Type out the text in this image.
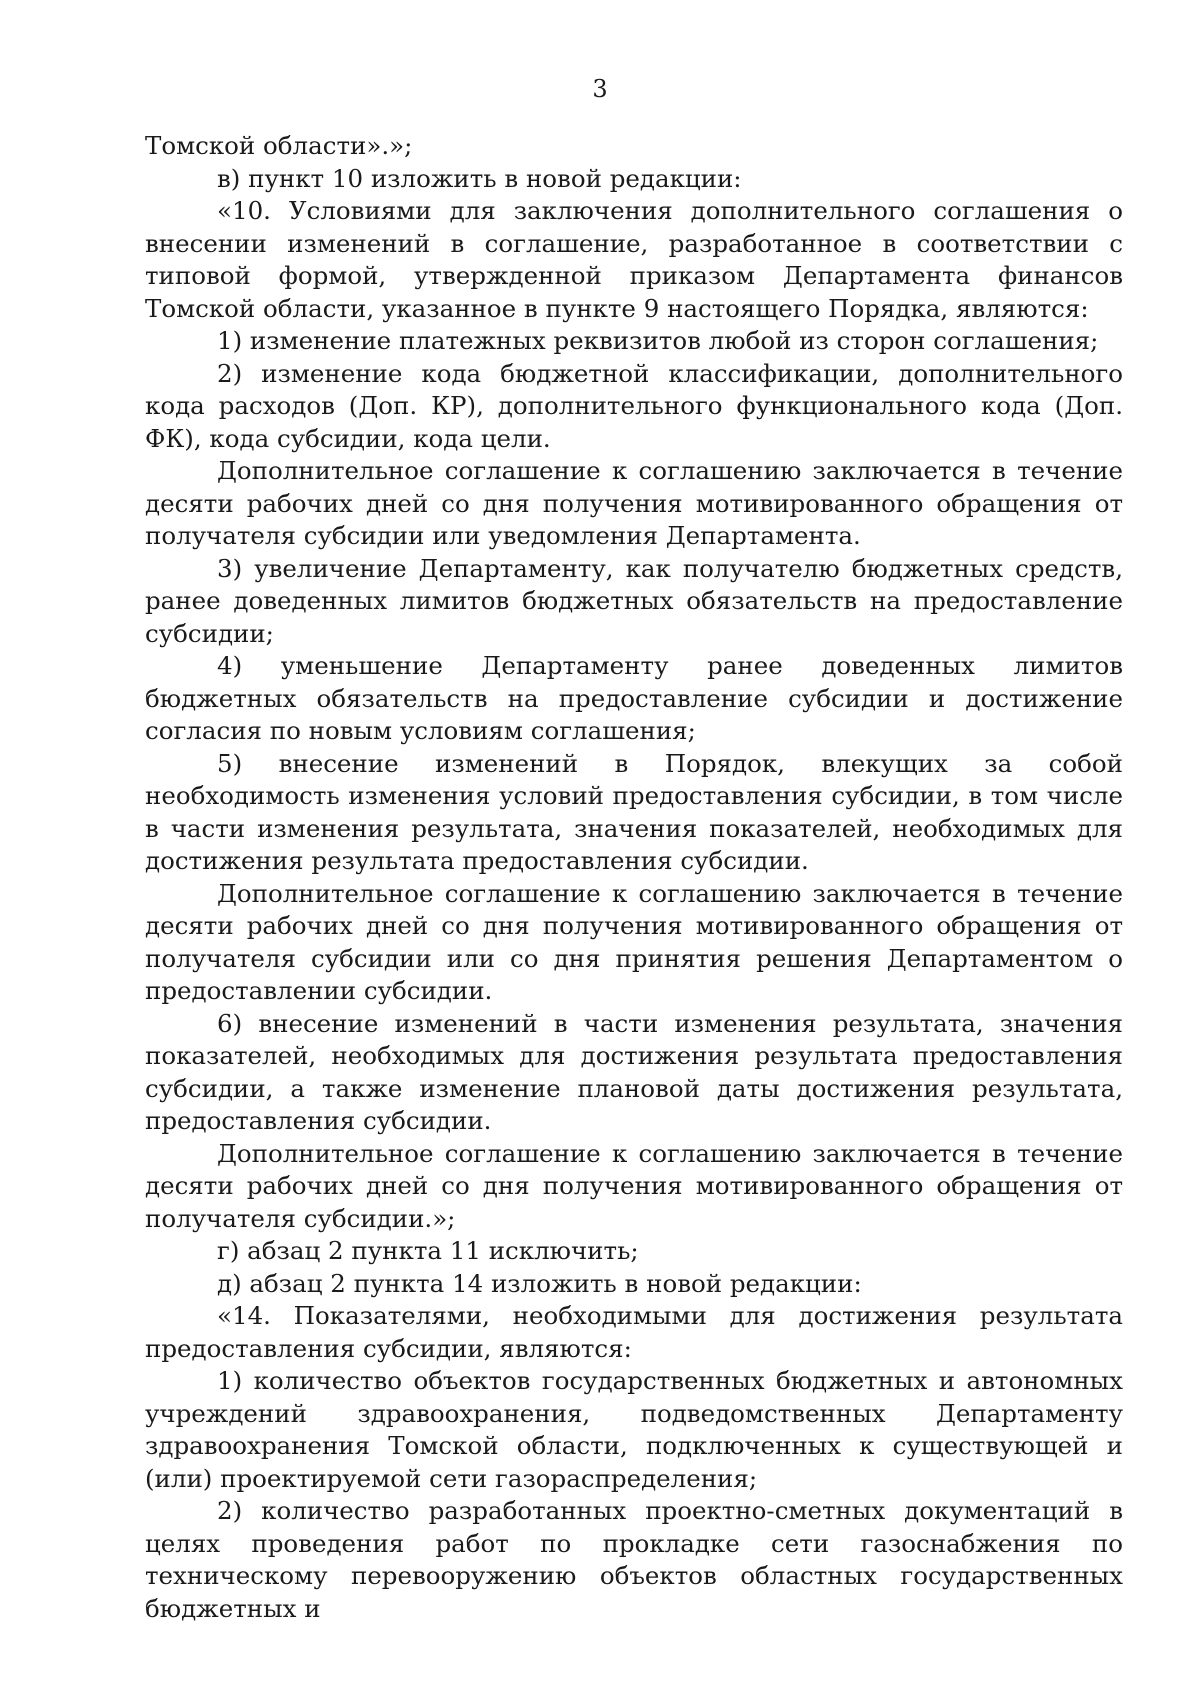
3

Томской области».»;

в) пункт 10 изложить в новой редакции:

«10. Условиями для заключения дополнительного соглашения о внесении изменений в соглашение, разработанное в соответствии с типовой формой, утвержденной приказом Департамента финансов Томской области, указанное в пункте 9 настоящего Порядка, являются:

1) изменение платежных реквизитов любой из сторон соглашения;

2) изменение кода бюджетной классификации, дополнительного кода расходов (Доп. КР), дополнительного функционального кода (Доп. ФК), кода субсидии, кода цели.

Дополнительное соглашение к соглашению заключается в течение десяти рабочих дней со дня получения мотивированного обращения от получателя субсидии или уведомления Департамента.

3) увеличение Департаменту, как получателю бюджетных средств, ранее доведенных лимитов бюджетных обязательств на предоставление субсидии;

4) уменьшение Департаменту ранее доведенных лимитов бюджетных обязательств на предоставление субсидии и достижение согласия по новым условиям соглашения;

5) внесение изменений в Порядок, влекущих за собой необходимость изменения условий предоставления субсидии, в том числе в части изменения результата, значения показателей, необходимых для достижения результата предоставления субсидии.

Дополнительное соглашение к соглашению заключается в течение десяти рабочих дней со дня получения мотивированного обращения от получателя субсидии или со дня принятия решения Департаментом о предоставлении субсидии.

6) внесение изменений в части изменения результата, значения показателей, необходимых для достижения результата предоставления субсидии, а также изменение плановой даты достижения результата, предоставления субсидии.

Дополнительное соглашение к соглашению заключается в течение десяти рабочих дней со дня получения мотивированного обращения от получателя субсидии.»;

г) абзац 2 пункта 11 исключить;

д) абзац 2 пункта 14 изложить в новой редакции:

«14. Показателями, необходимыми для достижения результата предоставления субсидии, являются:

1) количество объектов государственных бюджетных и автономных учреждений здравоохранения, подведомственных Департаменту здравоохранения Томской области, подключенных к существующей и (или) проектируемой сети газораспределения;

2) количество разработанных проектно-сметных документаций в целях проведения работ по прокладке сети газоснабжения по техническому перевооружению объектов областных государственных бюджетных и
